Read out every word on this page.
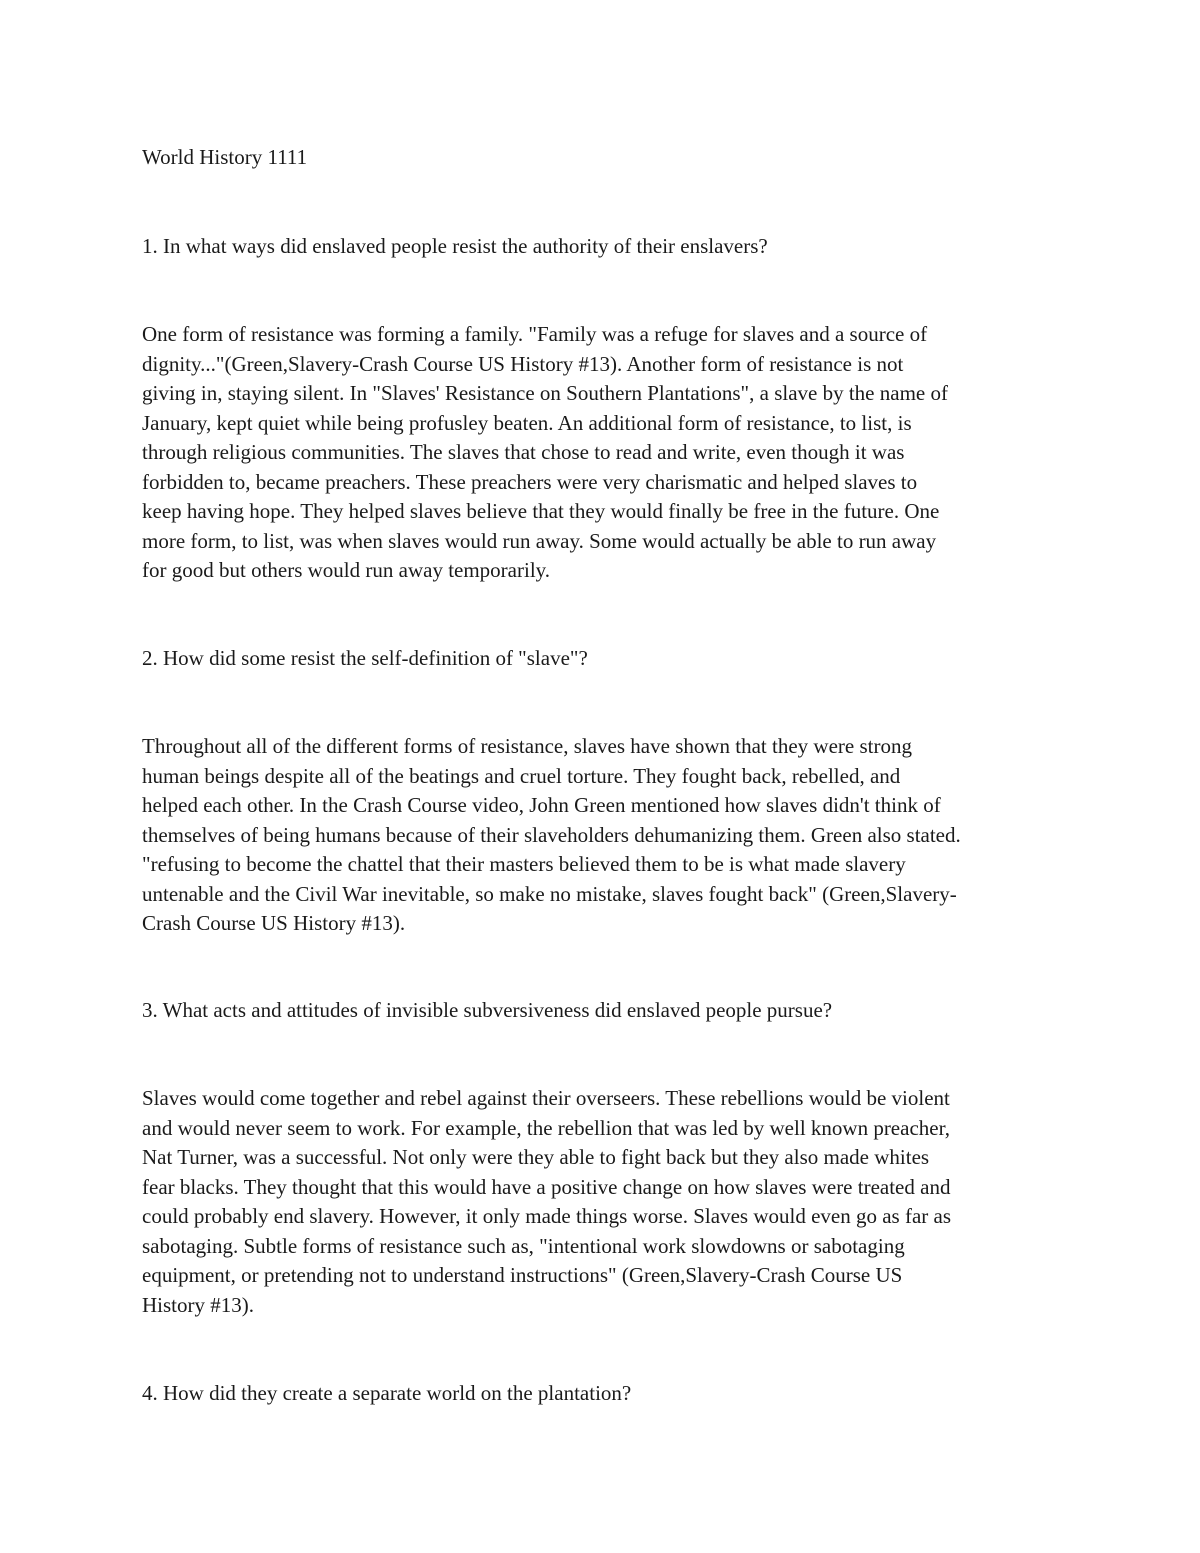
World History 1111

1. In what ways did enslaved people resist the authority of their enslavers?

One form of resistance was forming a family. "Family was a refuge for slaves and a source of
dignity..."(Green,Slavery-Crash Course US History #13). Another form of resistance is not
giving in, staying silent. In "Slaves' Resistance on Southern Plantations", a slave by the name of
January, kept quiet while being profusley beaten. An additional form of resistance, to list, is
through religious communities. The slaves that chose to read and write, even though it was
forbidden to, became preachers. These preachers were very charismatic and helped slaves to
keep having hope. They helped slaves believe that they would finally be free in the future. One
more form, to list, was when slaves would run away. Some would actually be able to run away
for good but others would run away temporarily.

2. How did some resist the self-definition of "slave"?

Throughout all of the different forms of resistance, slaves have shown that they were strong
human beings despite all of the beatings and cruel torture. They fought back, rebelled, and
helped each other. In the Crash Course video, John Green mentioned how slaves didn't think of
themselves of being humans because of their slaveholders dehumanizing them. Green also stated.
"refusing to become the chattel that their masters believed them to be is what made slavery
untenable and the Civil War inevitable, so make no mistake, slaves fought back" (Green,Slavery-
Crash Course US History #13).

3. What acts and attitudes of invisible subversiveness did enslaved people pursue?

Slaves would come together and rebel against their overseers. These rebellions would be violent
and would never seem to work. For example, the rebellion that was led by well known preacher,
Nat Turner, was a successful. Not only were they able to fight back but they also made whites
fear blacks. They thought that this would have a positive change on how slaves were treated and
could probably end slavery. However, it only made things worse. Slaves would even go as far as
sabotaging. Subtle forms of resistance such as, "intentional work slowdowns or sabotaging
equipment, or pretending not to understand instructions" (Green,Slavery-Crash Course US
History #13).

4. How did they create a separate world on the plantation?
